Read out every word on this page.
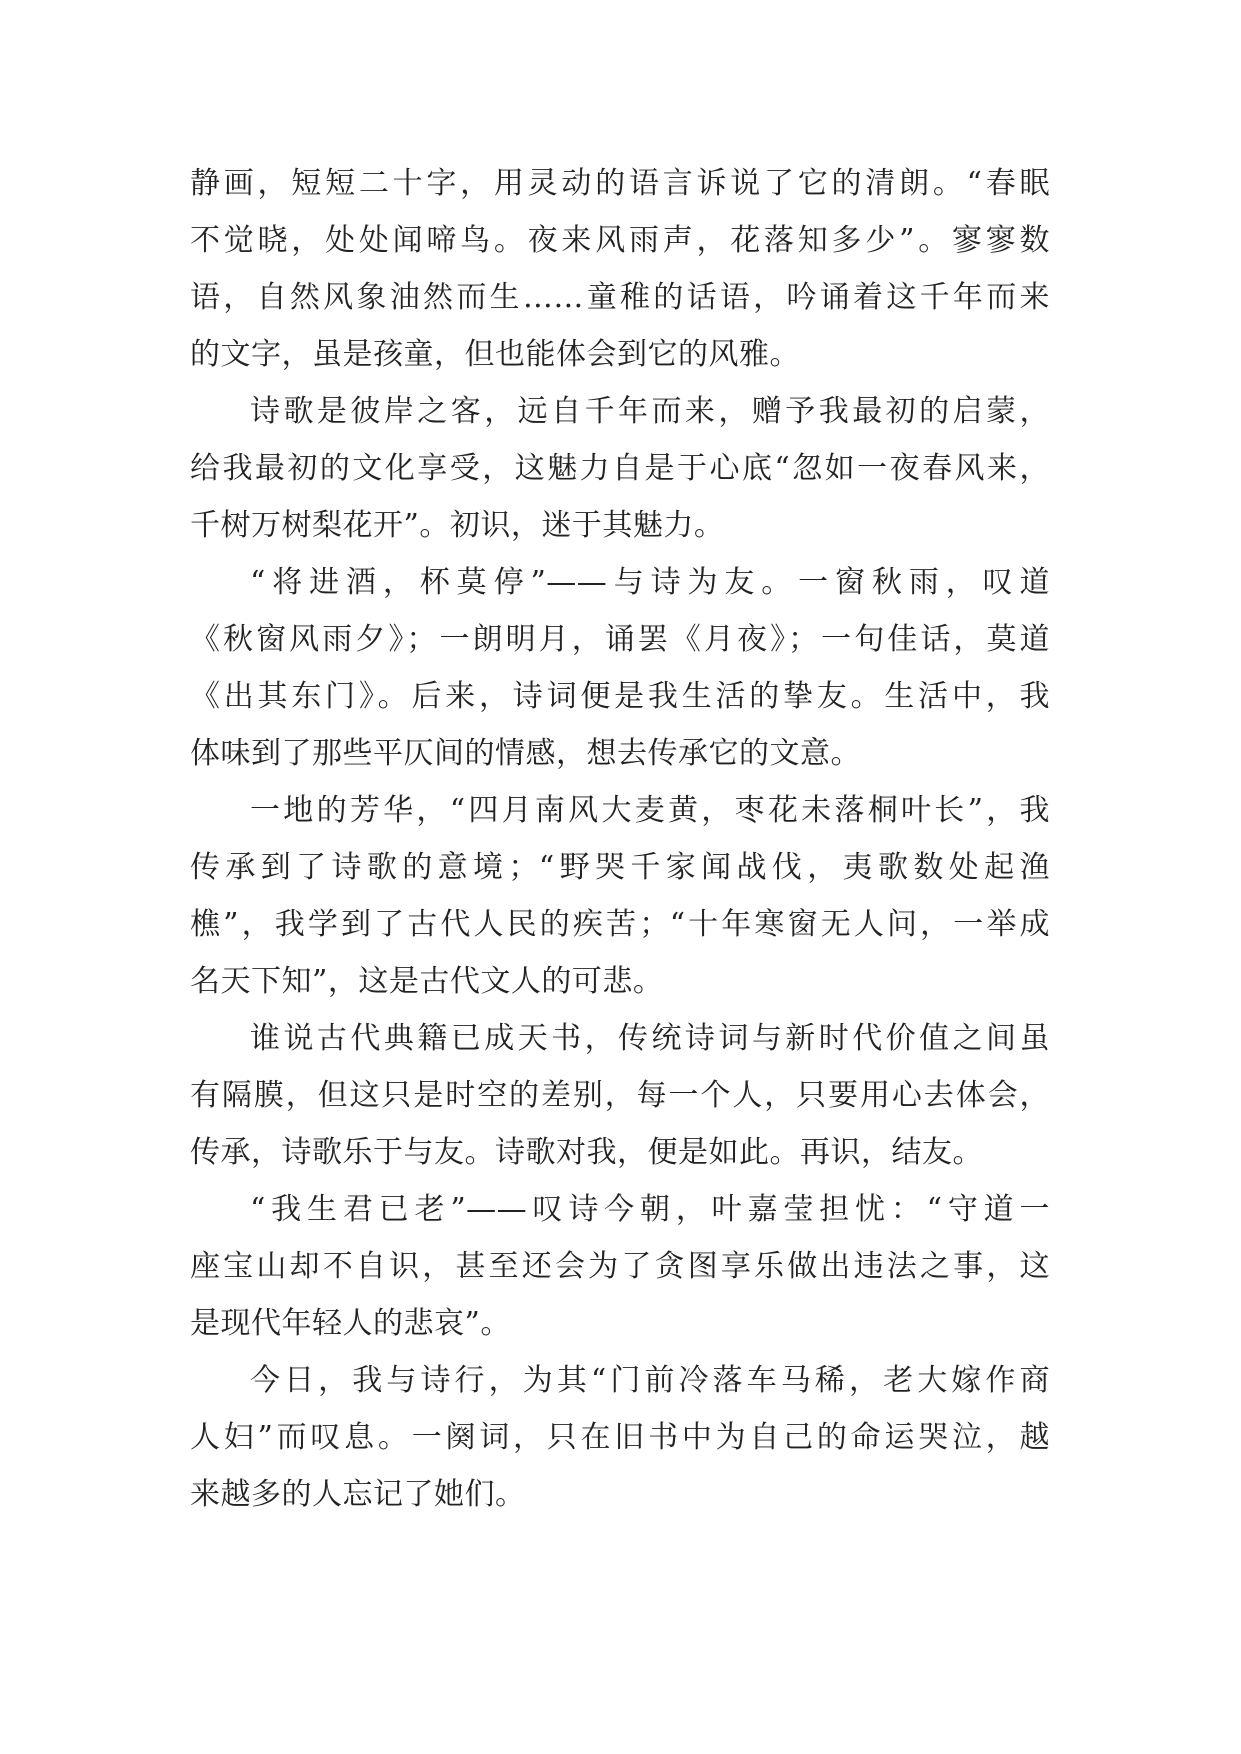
静画，短短二十字，用灵动的语言诉说了它的清朗。“春眠
不觉晓，处处闻啼鸟。夜来风雨声，花落知多少”。寥寥数
语，自然风象油然而生……童稚的话语，吟诵着这千年而来
的文字，虽是孩童，但也能体会到它的风雅。
诗歌是彼岸之客，远自千年而来，赠予我最初的启蒙，
给我最初的文化享受，这魅力自是于心底“忽如一夜春风来，
千树万树梨花开”。初识，迷于其魅力。
“将进酒，杯莫停”——与诗为友。一窗秋雨，叹道
《秋窗风雨夕》；一朗明月，诵罢《月夜》；一句佳话，莫道
《出其东门》。后来，诗词便是我生活的挚友。生活中，我
体味到了那些平仄间的情感，想去传承它的文意。
一地的芳华，“四月南风大麦黄，枣花未落桐叶长”，我
传承到了诗歌的意境；“野哭千家闻战伐，夷歌数处起渔
樵”，我学到了古代人民的疾苦；“十年寒窗无人问，一举成
名天下知”，这是古代文人的可悲。
谁说古代典籍已成天书，传统诗词与新时代价值之间虽
有隔膜，但这只是时空的差别，每一个人，只要用心去体会，
传承，诗歌乐于与友。诗歌对我，便是如此。再识，结友。
“我生君已老”——叹诗今朝，叶嘉莹担忧：“守道一
座宝山却不自识，甚至还会为了贪图享乐做出违法之事，这
是现代年轻人的悲哀”。
今日，我与诗行，为其“门前冷落车马稀，老大嫁作商
人妇”而叹息。一阕词，只在旧书中为自己的命运哭泣，越
来越多的人忘记了她们。
